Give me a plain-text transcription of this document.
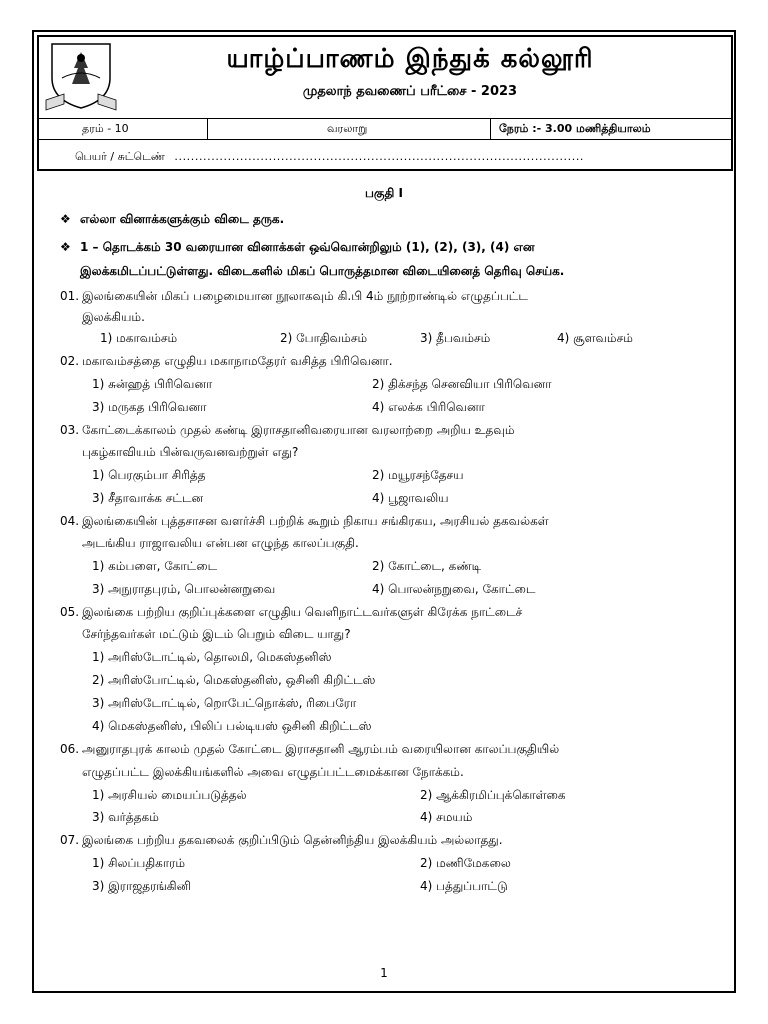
யாழ்ப்பாணம் இந்துக் கல்லூரி
முதலாந் தவணைப் பரீட்சை - 2023
தரம் - 10	வரலாறு	நேரம் :- 3.00 மணித்தியாலம்
பெயர் / சுட்டெண் ....................................................................................................
பகுதி I
❖ எல்லா வினாக்களுக்கும் விடை தருக.
❖ 1 – தொடக்கம் 30 வரையான வினாக்கள் ஒவ்வொன்றிலும் (1), (2), (3), (4) என
இலக்கமிடப்பட்டுள்ளது. விடைகளில் மிகப் பொருத்தமான விடையினைத் தெரிவு செய்க.
01. இலங்கையின் மிகப் பழைமையான நூலாகவும் கி.பி 4ம் நூற்றாண்டில் எழுதப்பட்ட
இலக்கியம்.
1) மகாவம்சம்	2) போதிவம்சம்	3) தீபவம்சம்	4) சூளவம்சம்
02. மகாவம்சத்தை எழுதிய மகாநாமதேரர் வசித்த பிரிவெனா.
1) சுன்ஹத் பிரிவெனா	2) திக்சந்த செனவியா பிரிவெனா
3) மருகத பிரிவெனா	4) எலக்க பிரிவெனா
03. கோட்டைக்காலம் முதல் கண்டி இராசதானிவரையான வரலாற்றை அறிய உதவும்
புகழ்காவியம் பின்வருவனவற்றுள் எது?
1) பெரகும்பா சிரித்த	2) மயூரசந்தேசய
3) சீதாவாக்க சட்டன	4) பூஜாவலிய
04. இலங்கையின் புத்தசாசன வளர்ச்சி பற்றிக் கூறும் நிகாய சங்கிரகய, அரசியல் தகவல்கள்
அடங்கிய ராஜாவலிய என்பன எழுந்த காலப்பகுதி.
1) கம்பளை, கோட்டை	2) கோட்டை, கண்டி
3) அநுராதபுரம், பொலன்னறுவை	4) பொலன்நறுவை, கோட்டை
05. இலங்கை பற்றிய குறிப்புக்களை எழுதிய வெளிநாட்டவர்களுள் கிரேக்க நாட்டைச்
சேர்ந்தவர்கள் மட்டும் இடம் பெறும் விடை யாது?
1) அரிஸ்டோட்டில், தொலமி, மெகஸ்தனிஸ்
2) அரிஸ்போட்டில், மெகஸ்தனிஸ், ஒசினி கிறிட்டஸ்
3) அரிஸ்டோட்டில், றொபேட்நொக்ஸ், ரிபைரோ
4) மெகஸ்தனிஸ், பிலிப் பல்டியஸ் ஒசினி கிறிட்டஸ்
06. அனுராதபுரக் காலம் முதல் கோட்டை இராசதானி ஆரம்பம் வரையிலான காலப்பகுதியில்
எழுதப்பட்ட இலக்கியங்களில் அவை எழுதப்பட்டமைக்கான நோக்கம்.
1) அரசியல் மையப்படுத்தல்	2) ஆக்கிரமிப்புக்கொள்கை
3) வர்த்தகம்	4) சமயம்
07. இலங்கை பற்றிய தகவலைக் குறிப்பிடும் தென்னிந்திய இலக்கியம் அல்லாதது.
1) சிலப்பதிகாரம்	2) மணிமேகலை
3) இராஜதரங்கினி	4) பத்துப்பாட்டு
1
